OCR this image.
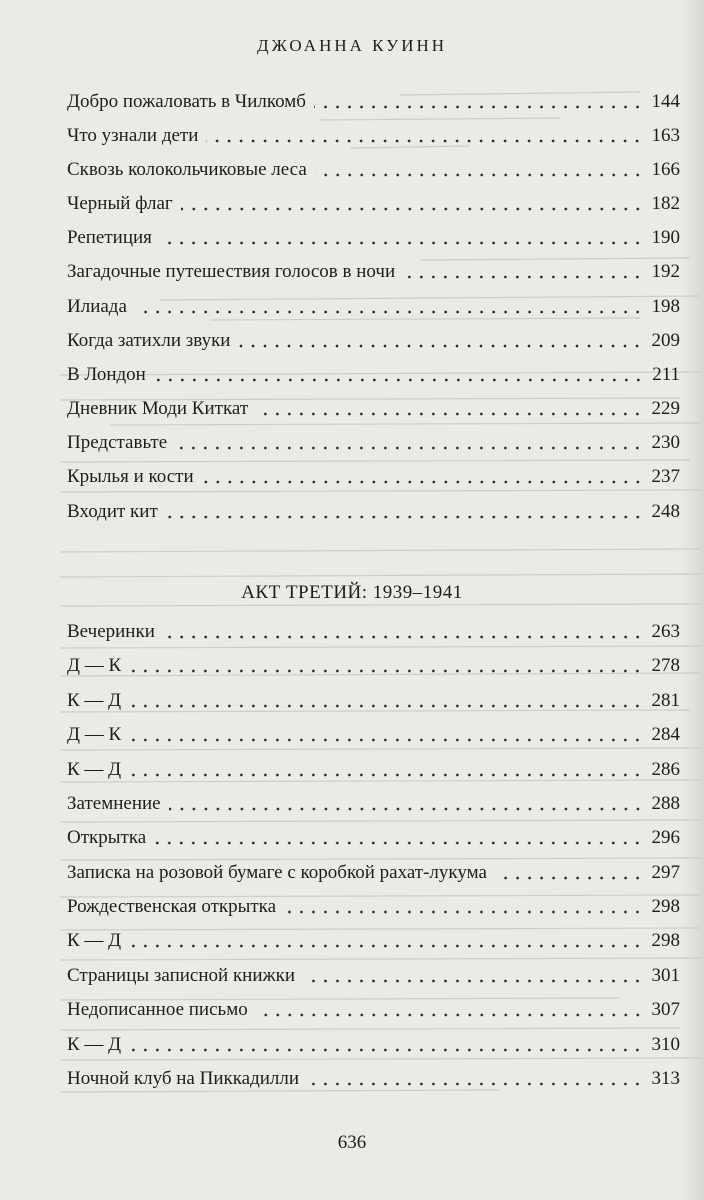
ДЖОАННА КУИНН
Добро пожаловать в Чилкомб	144
Что узнали дети	163
Сквозь колокольчиковые леса	166
Черный флаг	182
Репетиция	190
Загадочные путешествия голосов в ночи	192
Илиада	198
Когда затихли звуки	209
В Лондон	211
Дневник Моди Киткат	229
Представьте	230
Крылья и кости	237
Входит кит	248
АКТ ТРЕТИЙ: 1939–1941
Вечеринки	263
Д — К	278
К — Д	281
Д — К	284
К — Д	286
Затемнение	288
Открытка	296
Записка на розовой бумаге с коробкой рахат-лукума	297
Рождественская открытка	298
К — Д	298
Страницы записной книжки	301
Недописанное письмо	307
К — Д	310
Ночной клуб на Пиккадилли	313
636
